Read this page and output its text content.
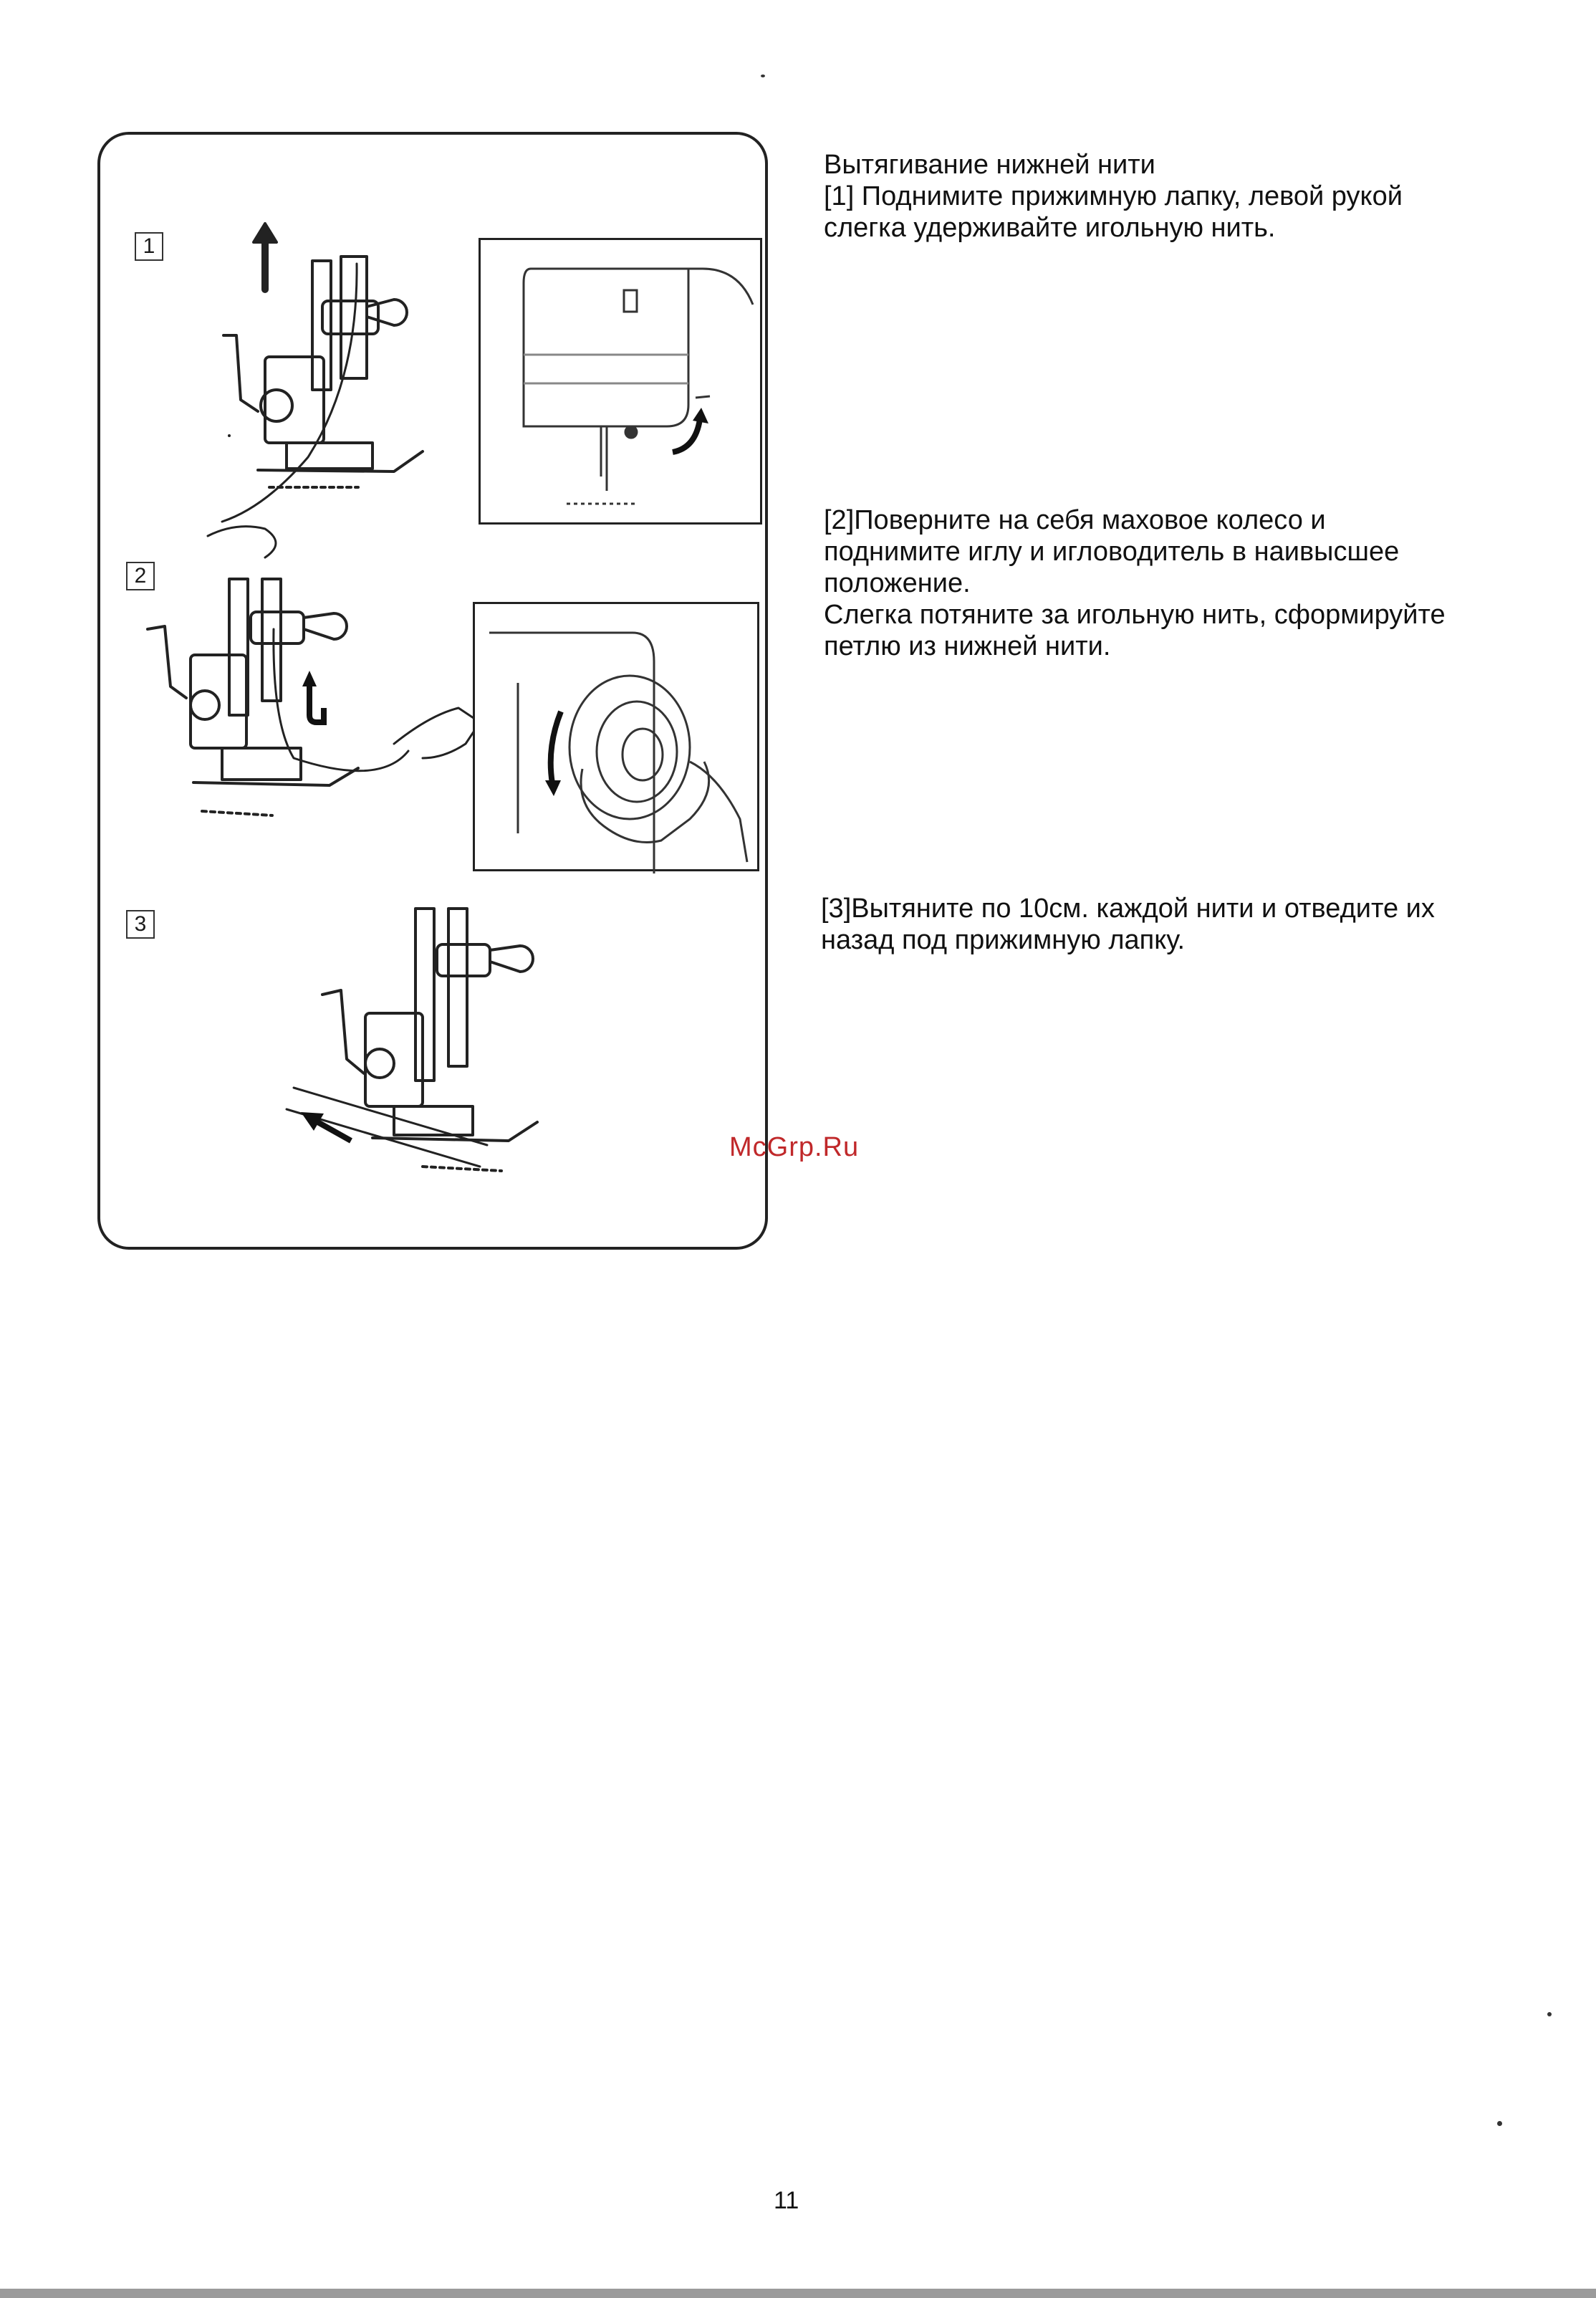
1
2
3
Вытягивание нижней нити
[1] Поднимите прижимную лапку, левой рукой
слегка удерживайте игольную нить.
[2]Поверните на себя маховое колесо и
поднимите иглу и игловодитель в наивысшее
положение.
Слегка потяните за игольную нить, сформируйте
петлю из нижней нити.
[3]Вытяните по 10см. каждой нити и отведите их
назад под прижимную лапку.
McGrp.Ru
11
